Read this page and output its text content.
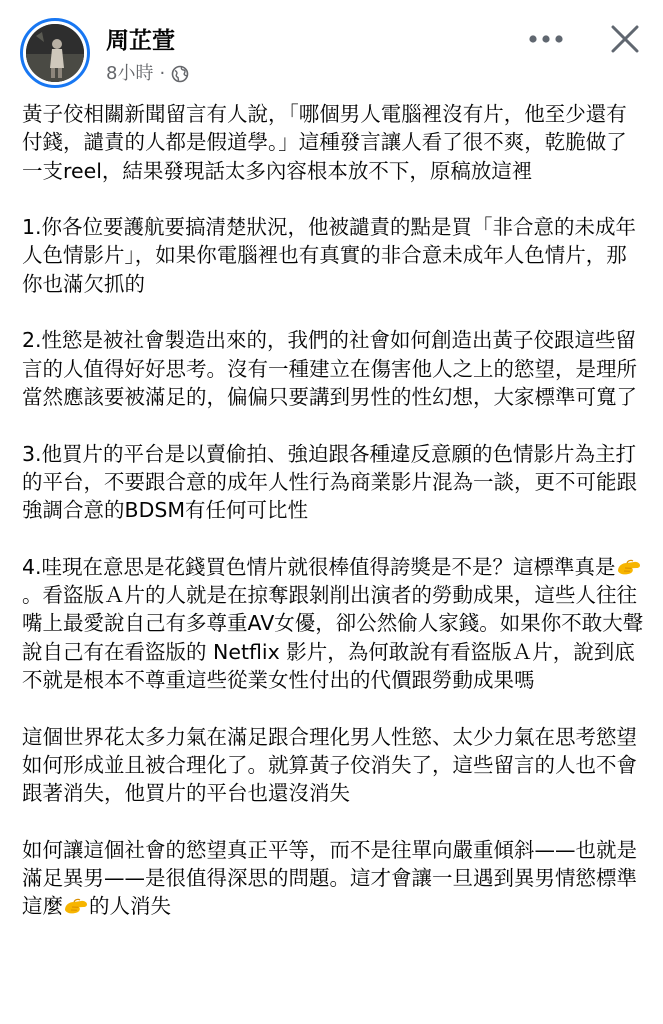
周芷萱
8小時 ·

黃子佼相關新聞留言有人說，「哪個男人電腦裡沒有片，他至少還有付錢，譴責的人都是假道學。」這種發言讓人看了很不爽，乾脆做了一支reel，結果發現話太多內容根本放不下，原稿放這裡

1.你各位要護航要搞清楚狀況，他被譴責的點是買「非合意的未成年人色情影片」，如果你電腦裡也有真實的非合意未成年人色情片，那你也滿欠抓的

2.性慾是被社會製造出來的，我們的社會如何創造出黃子佼跟這些留言的人值得好好思考。沒有一種建立在傷害他人之上的慾望，是理所當然應該要被滿足的，偏偏只要講到男性的性幻想，大家標準可寬了

3.他買片的平台是以賣偷拍、強迫跟各種違反意願的色情影片為主打的平台，不要跟合意的成年人性行為商業影片混為一談，更不可能跟強調合意的BDSM有任何可比性

4.哇現在意思是花錢買色情片就很棒值得誇獎是不是？這標準真是。看盜版Ａ片的人就是在掠奪跟剝削出演者的勞動成果，這些人往往嘴上最愛說自己有多尊重AV女優，卻公然偷人家錢。如果你不敢大聲說自己有在看盜版的 Netflix 影片，為何敢說有看盜版Ａ片，說到底不就是根本不尊重這些從業女性付出的代價跟勞動成果嗎

這個世界花太多力氣在滿足跟合理化男人性慾、太少力氣在思考慾望如何形成並且被合理化了。就算黃子佼消失了，這些留言的人也不會跟著消失，他買片的平台也還沒消失

如何讓這個社會的慾望真正平等，而不是往單向嚴重傾斜——也就是滿足異男——是很值得深思的問題。這才會讓一旦遇到異男情慾標準這麼 的人消失
